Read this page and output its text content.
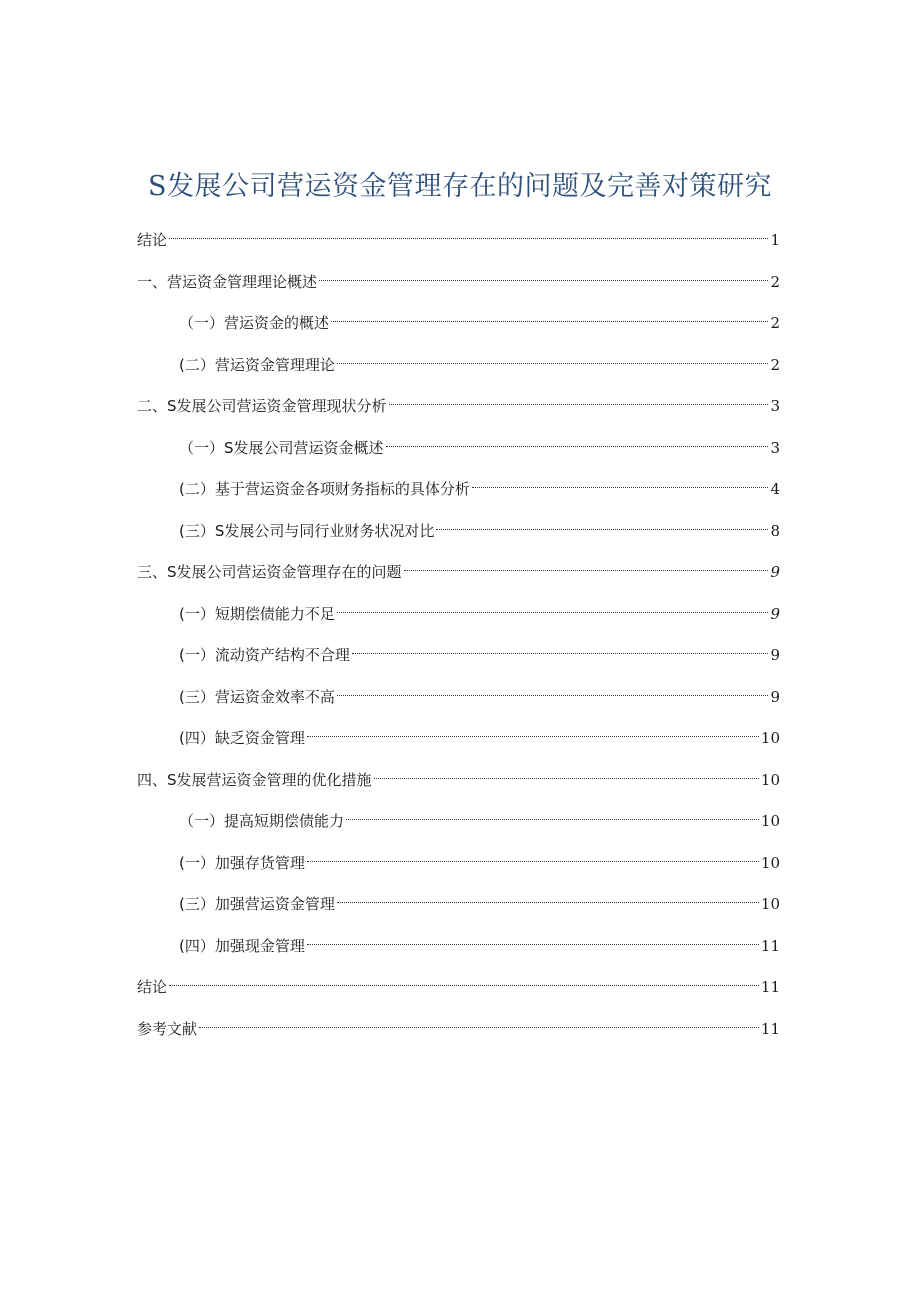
S发展公司营运资金管理存在的问题及完善对策研究
结论	1
一、营运资金管理理论概述	2
（一）营运资金的概述	2
(二）营运资金管理理论	2
二、S发展公司营运资金管理现状分析	3
（一）S发展公司营运资金概述	3
(二）基于营运资金各项财务指标的具体分析	4
(三）S发展公司与同行业财务状况对比	8
三、S发展公司营运资金管理存在的问题	9
(一）短期偿债能力不足	9
(一）流动资产结构不合理	9
(三）营运资金效率不高	9
(四）缺乏资金管理	10
四、S发展营运资金管理的优化措施	10
（一）提高短期偿债能力	10
(一）加强存货管理	10
(三）加强营运资金管理	10
(四）加强现金管理	11
结论	11
参考文献	11
